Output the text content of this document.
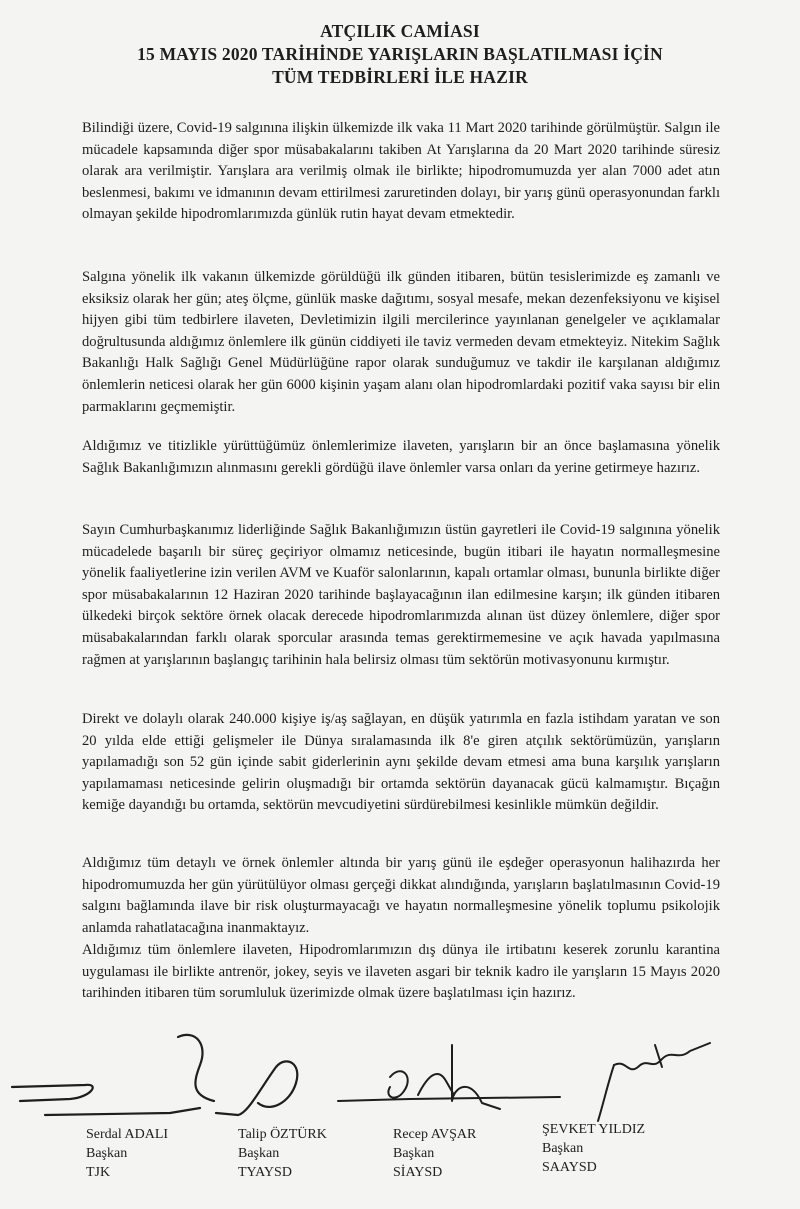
ATÇILIK CAMİASI
15 MAYIS 2020 TARİHİNDE YARIŞLARIN BAŞLATILMASI İÇİN
TÜM TEDBİRLERİ İLE HAZIR

Bilindiği üzere, Covid-19 salgınına ilişkin ülkemizde ilk vaka 11 Mart 2020 tarihinde görülmüştür. Salgın ile mücadele kapsamında diğer spor müsabakalarını takiben At Yarışlarına da 20 Mart 2020 tarihinde süresiz olarak ara verilmiştir. Yarışlara ara verilmiş olmak ile birlikte; hipodromumuzda yer alan 7000 adet atın beslenmesi, bakımı ve idmanının devam ettirilmesi zaruretinden dolayı, bir yarış günü operasyonundan farklı olmayan şekilde hipodromlarımızda günlük rutin hayat devam etmektedir.

Salgına yönelik ilk vakanın ülkemizde görüldüğü ilk günden itibaren, bütün tesislerimizde eş zamanlı ve eksiksiz olarak her gün; ateş ölçme, günlük maske dağıtımı, sosyal mesafe, mekan dezenfeksiyonu ve kişisel hijyen gibi tüm tedbirlere ilaveten, Devletimizin ilgili mercilerince yayınlanan genelgeler ve açıklamalar doğrultusunda aldığımız önlemlere ilk günün ciddiyeti ile taviz vermeden devam etmekteyiz. Nitekim Sağlık Bakanlığı Halk Sağlığı Genel Müdürlüğüne rapor olarak sunduğumuz ve takdir ile karşılanan aldığımız önlemlerin neticesi olarak her gün 6000 kişinin yaşam alanı olan hipodromlardaki pozitif vaka sayısı bir elin parmaklarını geçmemiştir.

Aldığımız ve titizlikle yürüttüğümüz önlemlerimize ilaveten, yarışların bir an önce başlamasına yönelik Sağlık Bakanlığımızın alınmasını gerekli gördüğü ilave önlemler varsa onları da yerine getirmeye hazırız.

Sayın Cumhurbaşkanımız liderliğinde Sağlık Bakanlığımızın üstün gayretleri ile Covid-19 salgınına yönelik mücadelede başarılı bir süreç geçiriyor olmamız neticesinde, bugün itibari ile hayatın normalleşmesine yönelik faaliyetlerine izin verilen AVM ve Kuaför salonlarının, kapalı ortamlar olması, bununla birlikte diğer spor müsabakalarının 12 Haziran 2020 tarihinde başlayacağının ilan edilmesine karşın; ilk günden itibaren ülkedeki birçok sektöre örnek olacak derecede hipodromlarımızda alınan üst düzey önlemlere, diğer spor müsabakalarından farklı olarak sporcular arasında temas gerektirmemesine ve açık havada yapılmasına rağmen at yarışlarının başlangıç tarihinin hala belirsiz olması tüm sektörün motivasyonunu kırmıştır.

Direkt ve dolaylı olarak 240.000 kişiye iş/aş sağlayan, en düşük yatırımla en fazla istihdam yaratan ve son 20 yılda elde ettiği gelişmeler ile Dünya sıralamasında ilk 8'e giren atçılık sektörümüzün, yarışların yapılamadığı son 52 gün içinde sabit giderlerinin aynı şekilde devam etmesi ama buna karşılık yarışların yapılamaması neticesinde gelirin oluşmadığı bir ortamda sektörün dayanacak gücü kalmamıştır. Bıçağın kemiğe dayandığı bu ortamda, sektörün mevcudiyetini sürdürebilmesi kesinlikle mümkün değildir.

Aldığımız tüm detaylı ve örnek önlemler altında bir yarış günü ile eşdeğer operasyonun halihazırda her hipodromumuzda her gün yürütülüyor olması gerçeği dikkat alındığında, yarışların başlatılmasının Covid-19 salgını bağlamında ilave bir risk oluşturmayacağı ve hayatın normalleşmesine yönelik toplumu psikolojik anlamda rahatlatacağına inanmaktayız.

Aldığımız tüm önlemlere ilaveten, Hipodromlarımızın dış dünya ile irtibatını keserek zorunlu karantina uygulaması ile birlikte antrenör, jokey, seyis ve ilaveten asgari bir teknik kadro ile yarışların 15 Mayıs 2020 tarihinden itibaren tüm sorumluluk üzerimizde olmak üzere başlatılması için hazırız.

Serdal ADALI
Başkan
TJK
Talip ÖZTÜRK
Başkan
TYAYSD
Recep AVŞAR
Başkan
SİAYSD
ŞEVKET YILDIZ
Başkan
SAAYSD
